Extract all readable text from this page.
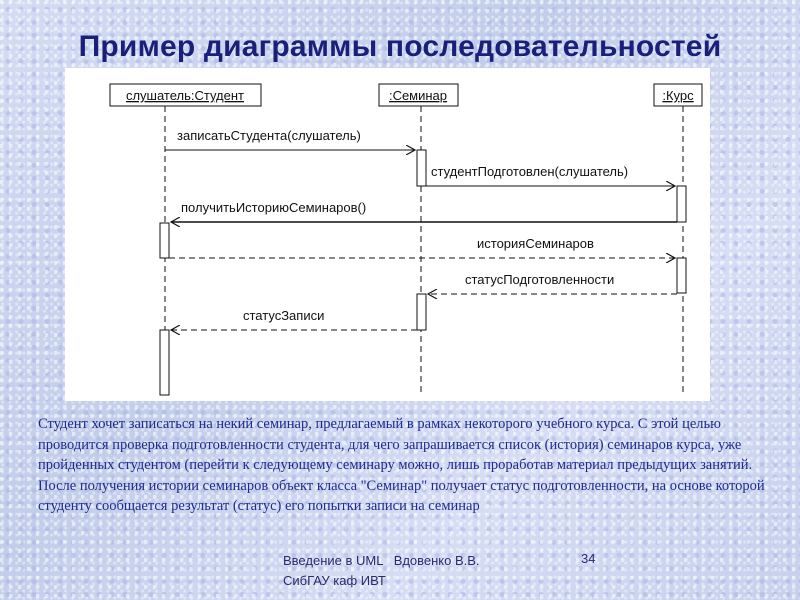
Пример диаграммы последовательностей
слушатель:Студент	:Семинар	:Курс
записатьСтудента(слушатель)
студентПодготовлен(слушатель)
получитьИсториюСеминаров()
историяСеминаров
статусПодготовленности
статусЗаписи
Студент хочет записаться на некий семинар, предлагаемый в рамках некоторого учебного курса. С этой целью проводится проверка подготовленности студента, для чего запрашивается список (история) семинаров курса, уже пройденных студентом (перейти к следующему семинару можно, лишь проработав материал предыдущих занятий. После получения истории семинаров объект класса "Семинар" получает статус подготовленности, на основе которой студенту сообщается результат (статус) его попытки записи на семинар
Введение в UML   Вдовенко В.В.
СибГАУ каф ИВТ
34
